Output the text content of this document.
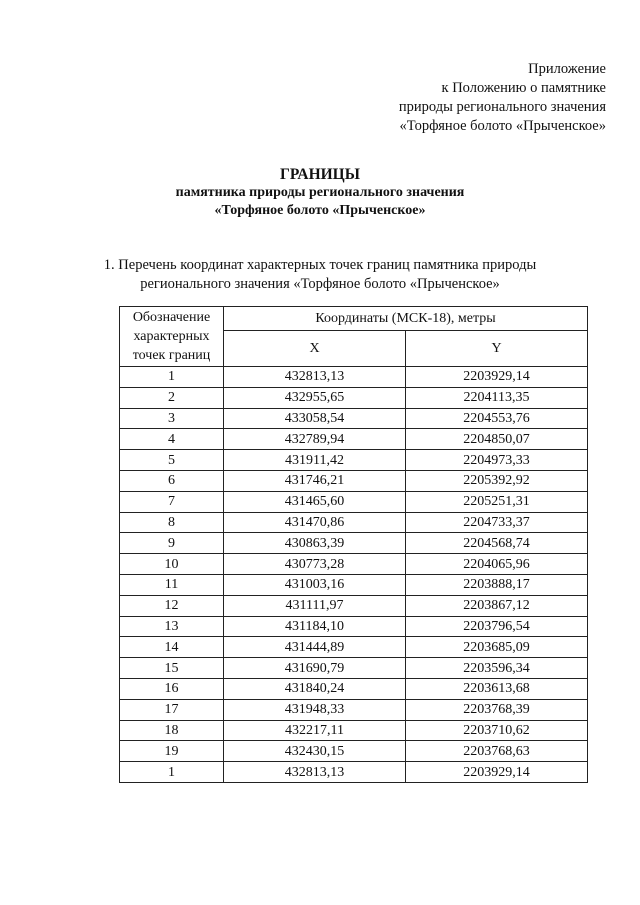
Приложение
к Положению о памятнике
природы регионального значения
«Торфяное болото «Прыченское»
ГРАНИЦЫ
памятника природы регионального значения
«Торфяное болото «Прыченское»
1. Перечень координат характерных точек границ памятника природы
регионального значения «Торфяное болото «Прыченское»
Обозначение характерных точек границ	Координаты (МСК-18), метры	
	X	Y
1	432813,13	2203929,14
2	432955,65	2204113,35
3	433058,54	2204553,76
4	432789,94	2204850,07
5	431911,42	2204973,33
6	431746,21	2205392,92
7	431465,60	2205251,31
8	431470,86	2204733,37
9	430863,39	2204568,74
10	430773,28	2204065,96
11	431003,16	2203888,17
12	431111,97	2203867,12
13	431184,10	2203796,54
14	431444,89	2203685,09
15	431690,79	2203596,34
16	431840,24	2203613,68
17	431948,33	2203768,39
18	432217,11	2203710,62
19	432430,15	2203768,63
1	432813,13	2203929,14
